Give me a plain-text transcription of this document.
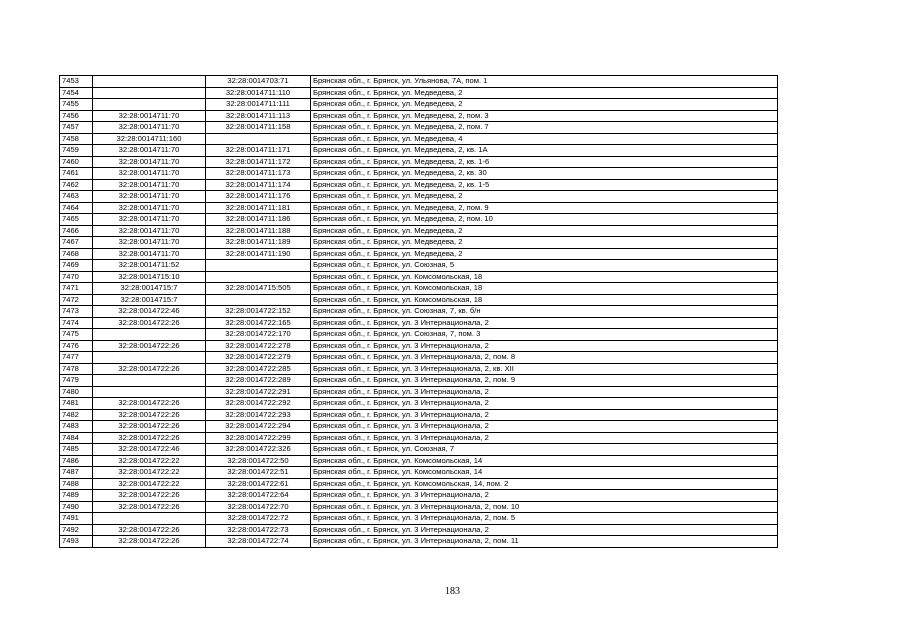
7453		32:28:0014703:71	Брянская обл., г. Брянск, ул. Ульянова, 7А, пом. 1
7454		32:28:0014711:110	Брянская обл., г. Брянск, ул. Медведева, 2
7455		32:28:0014711:111	Брянская обл., г. Брянск, ул. Медведева, 2
7456	32:28:0014711:70	32:28:0014711:113	Брянская обл., г. Брянск, ул. Медведева, 2, пом. 3
7457	32:28:0014711:70	32:28:0014711:158	Брянская обл., г. Брянск, ул. Медведева, 2, пом. 7
7458	32:28:0014711:160		Брянская обл., г. Брянск, ул. Медведева, 4
7459	32:28:0014711:70	32:28:0014711:171	Брянская обл., г. Брянск, ул. Медведева, 2, кв. 1А
7460	32:28:0014711:70	32:28:0014711:172	Брянская обл., г. Брянск, ул. Медведева, 2, кв. 1-6
7461	32:28:0014711:70	32:28:0014711:173	Брянская обл., г. Брянск, ул. Медведева, 2, кв. 30
7462	32:28:0014711:70	32:28:0014711:174	Брянская обл., г. Брянск, ул. Медведева, 2, кв. 1-5
7463	32:28:0014711:70	32:28:0014711:176	Брянская обл., г. Брянск, ул. Медведева, 2
7464	32:28:0014711:70	32:28:0014711:181	Брянская обл., г. Брянск, ул. Медведева, 2, пом. 9
7465	32:28:0014711:70	32:28:0014711:186	Брянская обл., г. Брянск, ул. Медведева, 2, пом. 10
7466	32:28:0014711:70	32:28:0014711:188	Брянская обл., г. Брянск, ул. Медведева, 2
7467	32:28:0014711:70	32:28:0014711:189	Брянская обл., г. Брянск, ул. Медведева, 2
7468	32:28:0014711:70	32:28:0014711:190	Брянская обл., г. Брянск, ул. Медведева, 2
7469	32:28:0014711:52		Брянская обл., г. Брянск, ул. Союзная, 5
7470	32:28:0014715:10		Брянская обл., г. Брянск, ул. Комсомольская, 18
7471	32:28:0014715:7	32:28:0014715:505	Брянская обл., г. Брянск, ул. Комсомольская, 18
7472	32:28:0014715:7		Брянская обл., г. Брянск, ул. Комсомольская, 18
7473	32:28:0014722:46	32:28:0014722:152	Брянская обл., г. Брянск, ул. Союзная, 7, кв. б/н
7474	32:28:0014722:26	32:28:0014722:165	Брянская обл., г. Брянск, ул. 3 Интернационала, 2
7475		32:28:0014722:170	Брянская обл., г. Брянск, ул. Союзная, 7, пом. 3
7476	32:28:0014722:26	32:28:0014722:278	Брянская обл., г. Брянск, ул. 3 Интернационала, 2
7477		32:28:0014722:279	Брянская обл., г. Брянск, ул. 3 Интернационала, 2, пом. 8
7478	32:28:0014722:26	32:28:0014722:285	Брянская обл., г. Брянск, ул. 3 Интернационала, 2, кв. XII
7479		32:28:0014722:289	Брянская обл., г. Брянск, ул. 3 Интернационала, 2, пом. 9
7480		32:28:0014722:291	Брянская обл., г. Брянск, ул. 3 Интернационала, 2
7481	32:28:0014722:26	32:28:0014722:292	Брянская обл., г. Брянск, ул. 3 Интернационала, 2
7482	32:28:0014722:26	32:28:0014722:293	Брянская обл., г. Брянск, ул. 3 Интернационала, 2
7483	32:28:0014722:26	32:28:0014722:294	Брянская обл., г. Брянск, ул. 3 Интернационала, 2
7484	32:28:0014722:26	32:28:0014722:299	Брянская обл., г. Брянск, ул. 3 Интернационала, 2
7485	32:28:0014722:46	32:28:0014722:326	Брянская обл., г. Брянск, ул. Союзная, 7
7486	32:28:0014722:22	32:28:0014722:50	Брянская обл., г. Брянск, ул. Комсомольская, 14
7487	32:28:0014722:22	32:28:0014722:51	Брянская обл., г. Брянск, ул. Комсомольская, 14
7488	32:28:0014722:22	32:28:0014722:61	Брянская обл., г. Брянск, ул. Комсомольская, 14, пом. 2
7489	32:28:0014722:26	32:28:0014722:64	Брянская обл., г. Брянск, ул. 3 Интернационала, 2
7490	32:28:0014722:26	32:28:0014722:70	Брянская обл., г. Брянск, ул. 3 Интернационала, 2, пом. 10
7491		32:28:0014722:72	Брянская обл., г. Брянск, ул. 3 Интернационала, 2, пом. 5
7492	32:28:0014722:26	32:28:0014722:73	Брянская обл., г. Брянск, ул. 3 Интернационала, 2
7493	32:28:0014722:26	32:28:0014722:74	Брянская обл., г. Брянск, ул. 3 Интернационала, 2, пом. 11
183
